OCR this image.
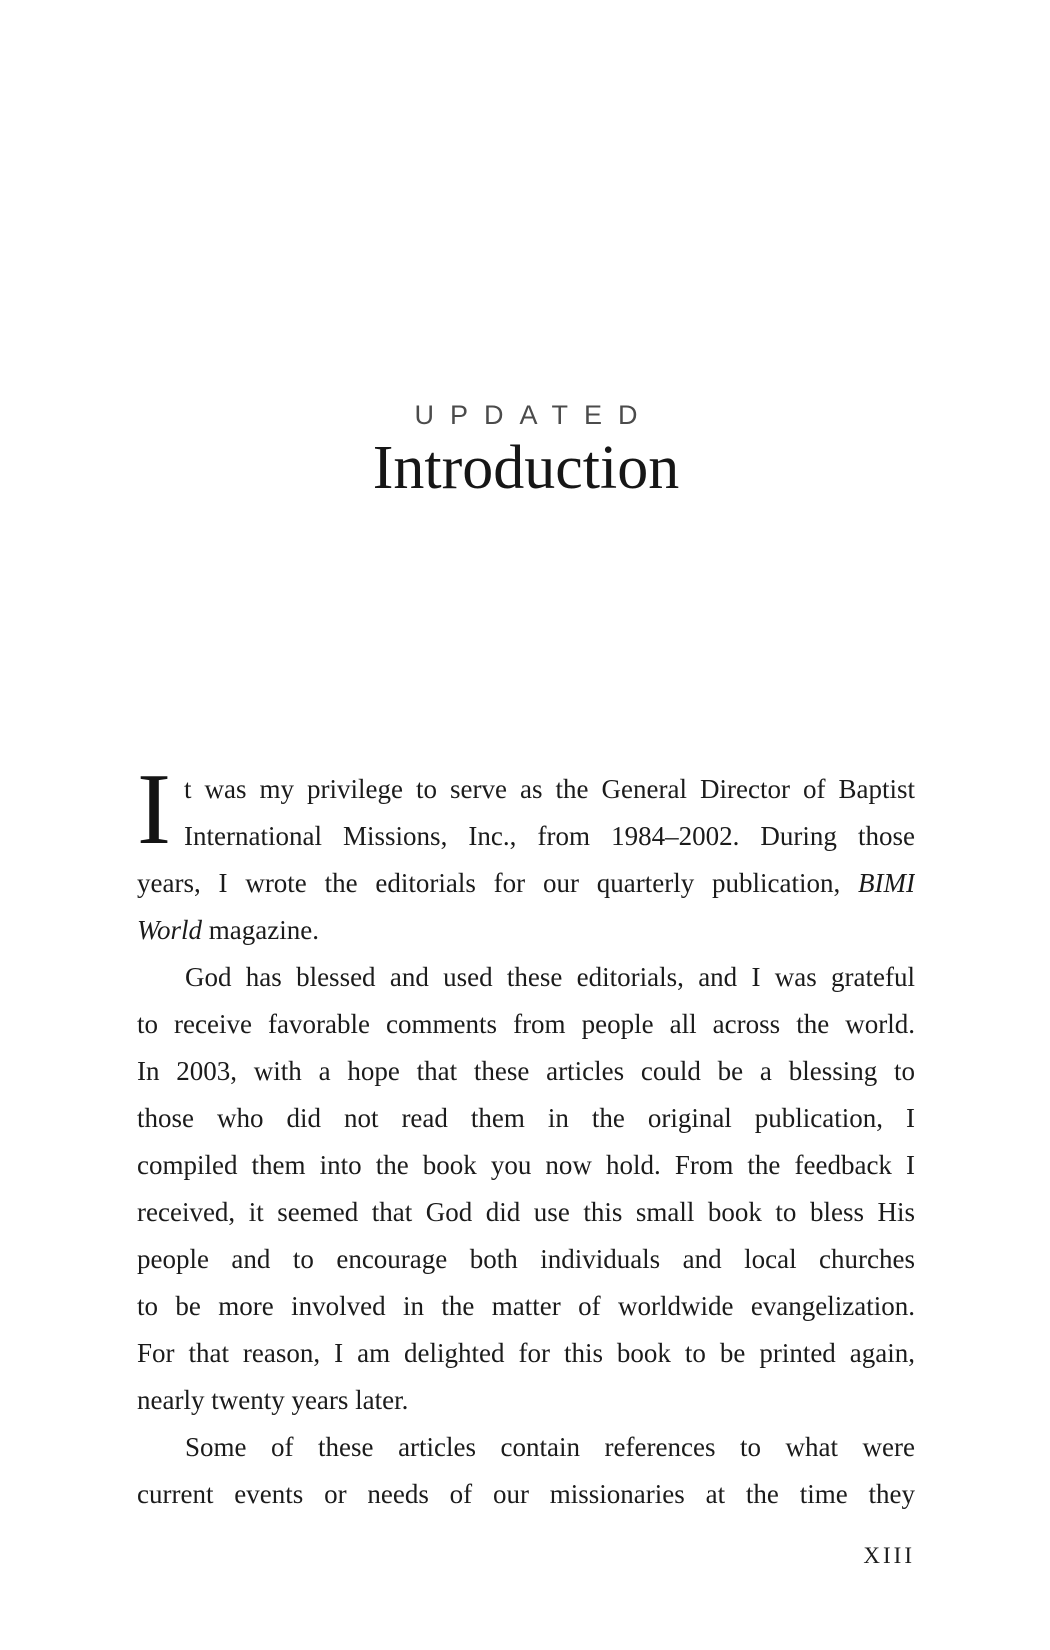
UPDATED
Introduction
I t was my privilege to serve as the General Director of Baptist
International Missions, Inc., from 1984–2002. During those
years, I wrote the editorials for our quarterly publication, BIMI
World magazine.
God has blessed and used these editorials, and I was grateful
to receive favorable comments from people all across the world.
In 2003, with a hope that these articles could be a blessing to
those who did not read them in the original publication, I
compiled them into the book you now hold. From the feedback I
received, it seemed that God did use this small book to bless His
people and to encourage both individuals and local churches
to be more involved in the matter of worldwide evangelization.
For that reason, I am delighted for this book to be printed again,
nearly twenty years later.
Some of these articles contain references to what were
current events or needs of our missionaries at the time they
XIII
